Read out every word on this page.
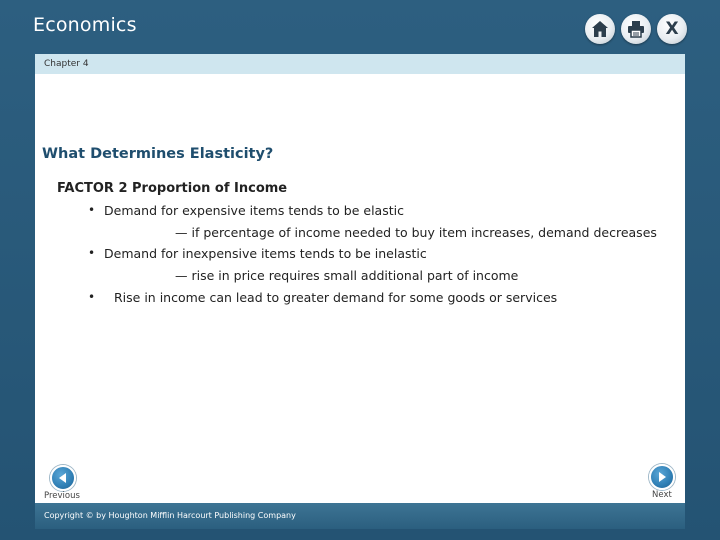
Economics	X
Chapter 4
What Determines Elasticity?
FACTOR 2 Proportion of Income
• Demand for expensive items tends to be elastic
— if percentage of income needed to buy item increases, demand decreases
• Demand for inexpensive items tends to be inelastic
— rise in price requires small additional part of income
• Rise in income can lead to greater demand for some goods or services
Previous	Next
Copyright © by Houghton Mifflin Harcourt Publishing Company
